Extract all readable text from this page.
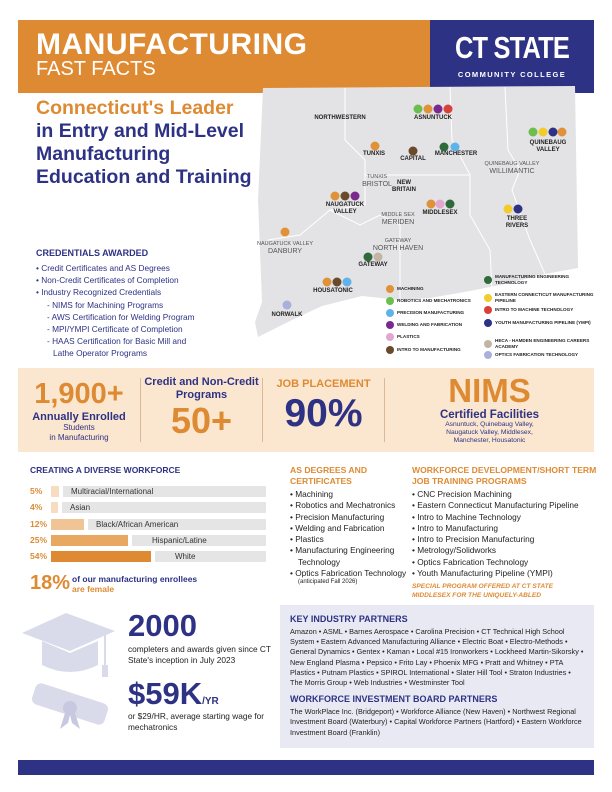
MANUFACTURING
FAST FACTS
CT STATE
COMMUNITY COLLEGE
Connecticut's Leader in Entry and Mid-Level Manufacturing Education and Training
CREDENTIALS AWARDED
• Credit Certificates and AS Degrees
• Non-Credit Certificates of Completion
• Industry Recognized Credentials
- NIMS for Machining Programs
- AWS Certification for Welding Program
- MPI/YMPI Certificate of Completion
- HAAS Certification for Basic Mill and
Lathe Operator Programs
NORTHWESTERN	ASNUNTUCK
QUINEBAUG VALLEY
TUNXIS
CAPITAL
MANCHESTER
NEW BRITAIN
NAUGATUCK VALLEY	MIDDLESEX
THREE RIVERS
GATEWAY
HOUSATONIC
NORWALK
QUINEBAUG VALLEY
WILLIMANTIC
TUNXIS
BRISTOL
MIDDLE SEX
MERIDEN
NAUGATUCK VALLEY
DANBURY
GATEWAY
NORTH HAVEN
MACHINING
ROBOTICS AND MECHATRONICS
PRECISION MANUFACTURING
WELDING AND FABRICATION
PLASTICS
INTRO TO MANUFACTURING
MANUFACTURING ENGINEERING TECHNOLOGY
EASTERN CONNECTICUT MANUFACTURING PIPELINE
INTRO TO MACHINE TECHNOLOGY
YOUTH MANUFACTURING PIPELINE (YMPI)
HECA - HAMDEN ENGINEERING CAREERS ACADEMY
OPTICS FABRICATION TECHNOLOGY
1,900+
Annually Enrolled
Students
in Manufacturing
Credit and Non-Credit Programs
50+
JOB PLACEMENT
90%
NIMS
Certified Facilities
Asnuntuck, Quinebaug Valley, Naugatuck Valley, Middlesex, Manchester, Housatonic
CREATING A DIVERSE WORKFORCE
5%	Multiracial/International
4%	Asian
12%	Black/African American
25%	Hispanic/Latine
54%	White
18% of our manufacturing enrollees
are female
AS DEGREES AND CERTIFICATES
• Machining
• Robotics and Mechatronics
• Precision Manufacturing
• Welding and Fabrication
• Plastics
• Manufacturing Engineering Technology
• Optics Fabrication Technology
(anticipated Fall 2026)
WORKFORCE DEVELOPMENT/SHORT TERM JOB TRAINING PROGRAMS
• CNC Precision Machining
• Eastern Connecticut Manufacturing Pipeline
• Intro to Machine Technology
• Intro to Manufacturing
• Intro to Precision Manufacturing
• Metrology/Solidworks
• Optics Fabrication Technology
• Youth Manufacturing Pipeline (YMPI)
SPECIAL PROGRAM OFFERED AT CT STATE MIDDLESEX FOR THE UNIQUELY-ABLED
2000
completers and awards given since CT State's inception in July 2023
$59K/YR
or $29/HR, average starting wage for mechatronics
KEY INDUSTRY PARTNERS

Amazon • ASML • Barnes Aerospace • Carolina Precision • CT Technical High School System • Eastern Advanced Manufacturing Alliance • Electric Boat • Electro-Methods • General Dynamics • Gentex • Kaman • Local #15 Ironworkers • Lockheed Martin-Sikorsky • New England Plasma • Pepsico • Frito Lay • Phoenix MFG • Pratt and Whitney • PTA Plastics • Putnam Plastics • SPIROL International • Slater Hill Tool • Straton Industries • The Morris Group • Web Industries • Westminster Tool

WORKFORCE INVESTMENT BOARD PARTNERS

The WorkPlace Inc. (Bridgeport) • Workforce Alliance (New Haven) • Northwest Regional Investment Board (Waterbury) • Capital Workforce Partners (Hartford) • Eastern Workforce Investment Board (Franklin)
